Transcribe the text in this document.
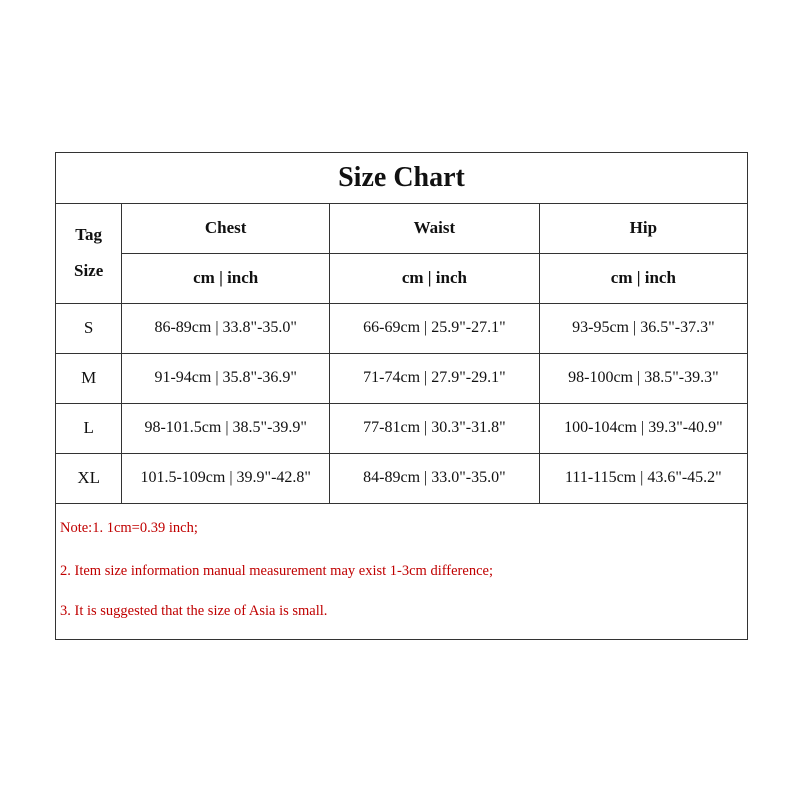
Size Chart
Tag
Size	Chest	Waist	Hip
	cm | inch	cm | inch	cm | inch
S	86-89cm | 33.8"-35.0"	66-69cm | 25.9"-27.1"	93-95cm | 36.5"-37.3"
M	91-94cm | 35.8"-36.9"	71-74cm | 27.9"-29.1"	98-100cm | 38.5"-39.3"
L	98-101.5cm | 38.5"-39.9"	77-81cm | 30.3"-31.8"	100-104cm | 39.3"-40.9"
XL	101.5-109cm | 39.9"-42.8"	84-89cm | 33.0"-35.0"	111-115cm | 43.6"-45.2"
Note:1. 1cm=0.39 inch;
2. Item size information manual measurement may exist 1-3cm difference;
3. It is suggested that the size of Asia is small.
